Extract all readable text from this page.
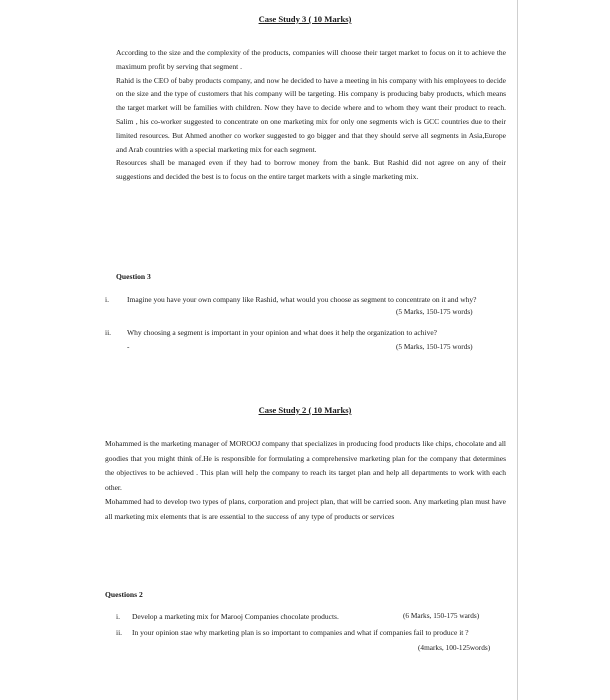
Case Study 3 ( 10 Marks)

According to the size and the complexity of the products, companies will choose their target market to focus on it to achieve the maximum profit by serving that segment .

Rahid is the CEO of baby products company, and now he decided to have a meeting in his company with his employees to decide on the size and the type of customers that his company will be targeting. His company is producing baby products, which means the target market will be families with children. Now they have to decide where and to whom they want their product to reach. Salim , his co-worker suggested to concentrate on one marketing mix for only one segments wich is GCC countries due to their limited resources. But Ahmed another co worker suggested to go bigger and that they should serve all segments in Asia,Europe and Arab countries with a special marketing mix for each segment.

Resources shall be managed even if they had to borrow money from the bank. But Rashid did not agree on any of their suggestions and decided the best is to focus on the entire target markets with a single marketing mix.

Question 3
i. Imagine you have your own company like Rashid, what would you choose as segment to concentrate on it and why?
(5 Marks, 150-175 words)
ii. Why choosing a segment is important in your opinion and what does it help the organization to achive?
-	(5 Marks, 150-175 words)
Case Study 2 ( 10 Marks)

Mohammed is the marketing manager of MOROOJ company that specializes in producing food products like chips, chocolate and all goodies that you might think of.He is responsible for formulating a comprehensive marketing plan for the company that determines the objectives to be achieved . This plan will help the company to reach its target plan and help all departments to work with each other.

Mohammed had to develop two types of plans, corporation and project plan, that will be carried soon. Any marketing plan must have all marketing mix elements that is are essential to the success of any type of products or services

Questions 2
i. Develop a marketing mix for Marooj Companies chocolate products.	(6 Marks, 150-175 wards)
ii. In your opinion stae why marketing plan is so important to companies and what if companies fail to produce it ?
(4marks, 100-125words)
